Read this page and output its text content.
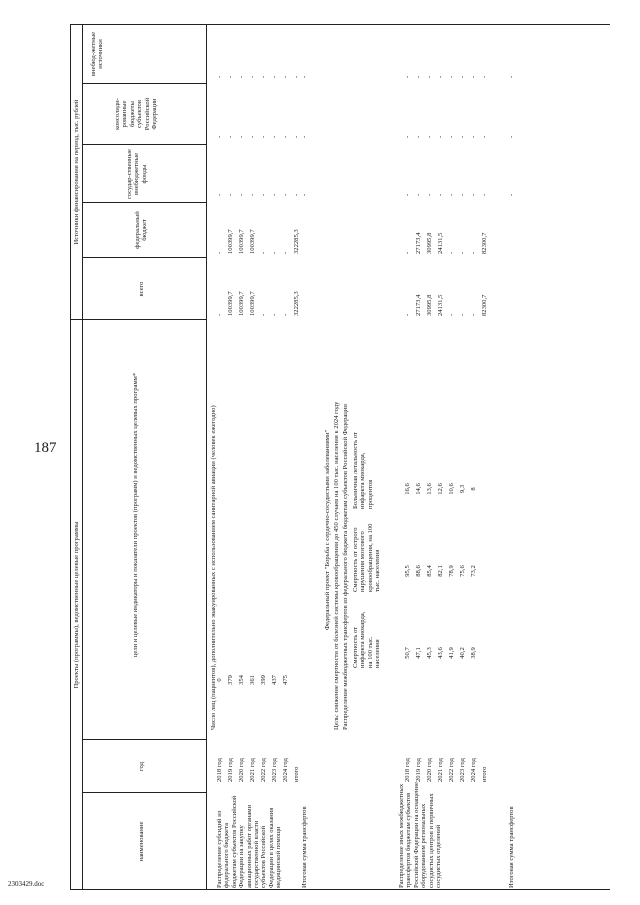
187
2303429.doc
Проекты (программы), ведомственные целевые программы
Источники финансирования на период, тыс. рублей
наименование
год
цели и целевые индикаторы и показатели проектов (программ) и ведомственных целевых программ*
всего
федеральный бюджет
государ-ственные внебюджетные фонды
консолиди-рованные бюджеты субъектов Российской Федерации
внебюд-жетные источники
Распределение субсидий из федерального бюджета бюджетам субъектов Российской Федерации на закупку авиационных работ органами государственной власти субъектов Российской Федерации в целях оказания медицинской помощи
Число лиц (пациентов), дополнительно эвакуированных с использованием санитарной авиации (человек ежегодно)
2018 год
0
-
-
-
-
-
2019 год
379
100399,7
100399,7
-
-
-
2020 год
354
100399,7
100399,7
-
-
-
2021 год
361
100399,7
100399,7
-
-
-
2022 год
399
-
-
-
-
-
2023 год
437
-
-
-
-
-
2024 год
475
-
-
-
-
-
итого
322285,3
322285,3
-
-
-
Итоговая сумма трансфертов
-
-
-
Федеральный проект "Борьба с сердечно-сосудистыми заболеваниями" Цель: снижение смертности от болезней системы кровообращения до 450 случаев на 100 тыс. населения к 2024 году Распределение межбюджетных трансфертов из федерального бюджета бюджетам субъектов Российской Федерации Смертность от инфаркта миокарда, на 100 тыс. населения
Смертность от острого нарушения мозгового кровообращения, на 100 тыс. населения
Больничная летальность от инфаркта миокарда, процентов
Распределение иных межбюджетных трансфертов бюджетам субъектов Российской Федерации на оснащение оборудованием региональных сосудистых центров и первичных сосудистых отделений
2018 год
50,7
95,5
16,6
-
-
-
-
-
2019 год
47,1
88,6
14,6
27173,4
27173,4
-
-
-
2020 год
45,3
85,4
13,6
30995,8
30995,8
-
-
-
2021 год
43,6
82,1
12,6
24131,5
24131,5
-
-
-
2022 год
41,9
78,9
10,6
-
-
-
-
-
2023 год
40,2
75,6
9,3
-
-
-
-
-
2024 год
38,9
73,2
8
-
-
-
-
-
итого
82300,7
82300,7
-
-
-
Итоговая сумма трансфертов
-
-
-
